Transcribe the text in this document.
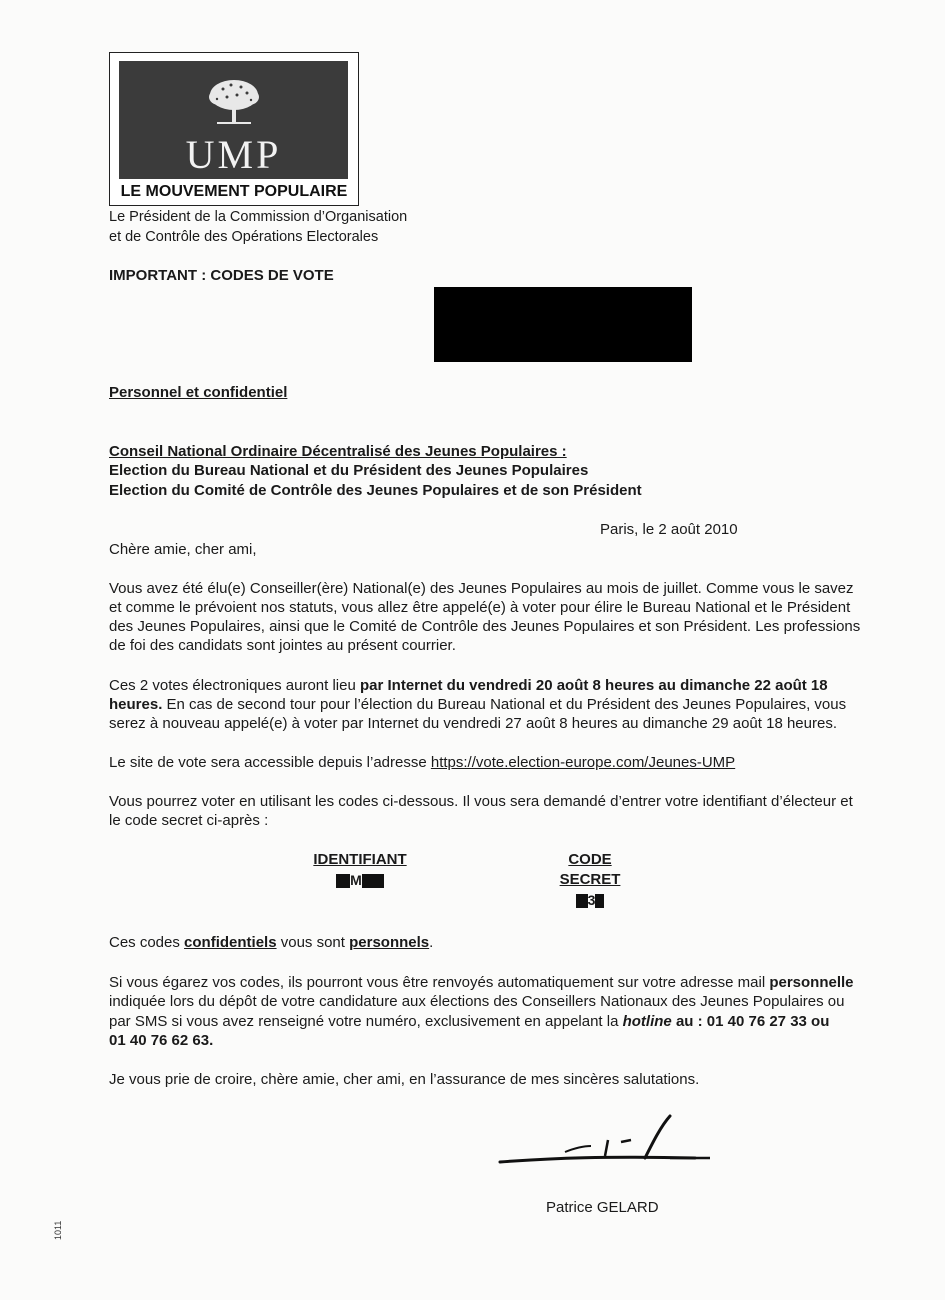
UMP
LE MOUVEMENT POPULAIRE

Le Président de la Commission d’Organisation

et de Contrôle des Opérations Electorales

IMPORTANT : CODES DE VOTE

Personnel et confidentiel

Conseil National Ordinaire Décentralisé des Jeunes Populaires :

Election du Bureau National et du Président des Jeunes Populaires

Election du Comité de Contrôle des Jeunes Populaires et de son Président

Paris, le 2 août 2010

Chère amie, cher ami,

Vous avez été élu(e) Conseiller(ère) National(e) des Jeunes Populaires au mois de juillet. Comme vous le savez

et comme le prévoient nos statuts, vous allez être appelé(e) à voter pour élire le Bureau National et le Président

des Jeunes Populaires, ainsi que le Comité de Contrôle des Jeunes Populaires et son Président. Les professions

de foi des candidats sont jointes au présent courrier.

Ces 2 votes électroniques auront lieu par Internet du vendredi 20 août 8 heures au dimanche 22 août 18

heures. En cas de second tour pour l’élection du Bureau National et du Président des Jeunes Populaires, vous

serez à nouveau appelé(e) à voter par Internet du vendredi 27 août 8 heures au dimanche 29 août 18 heures.

Le site de vote sera accessible depuis l’adresse https://vote.election-europe.com/Jeunes-UMP

Vous pourrez voter en utilisant les codes ci-dessous. Il vous sera demandé d’entrer votre identifiant d’électeur et

le code secret ci-après :

IDENTIFIANT
M
CODE SECRET
3

Ces codes confidentiels vous sont personnels.

Si vous égarez vos codes, ils pourront vous être renvoyés automatiquement sur votre adresse mail personnelle

indiquée lors du dépôt de votre candidature aux élections des Conseillers Nationaux des Jeunes Populaires ou

par SMS si vous avez renseigné votre numéro, exclusivement en appelant la hotline au : 01 40 76 27 33 ou

01 40 76 62 63.

Je vous prie de croire, chère amie, cher ami, en l’assurance de mes sincères salutations.

Patrice GELARD

1011
